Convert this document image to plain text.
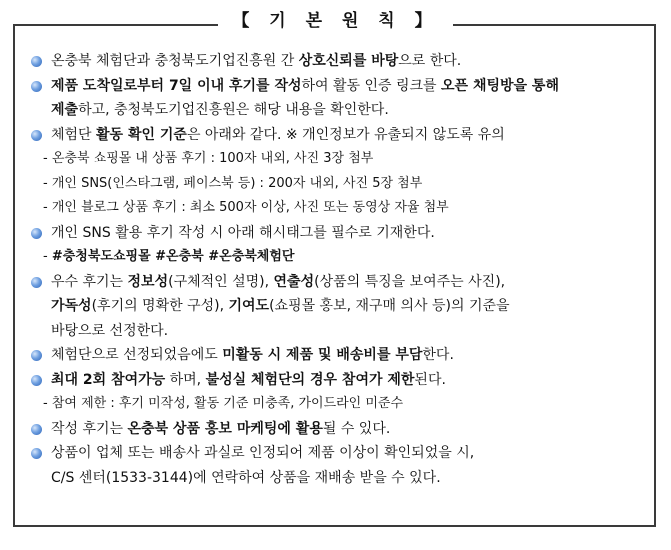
【 기 본 원 칙 】
온충북 체험단과 충청북도기업진흥원 간 상호신뢰를 바탕으로 한다.
제품 도착일로부터 7일 이내 후기를 작성하여 활동 인증 링크를 오픈 채팅방을 통해
제출하고, 충청북도기업진흥원은 해당 내용을 확인한다.
체험단 활동 확인 기준은 아래와 같다. ※ 개인정보가 유출되지 않도록 유의
- 온충북 쇼핑몰 내 상품 후기 : 100자 내외, 사진 3장 첨부
- 개인 SNS(인스타그램, 페이스북 등) : 200자 내외, 사진 5장 첨부
- 개인 블로그 상품 후기 : 최소 500자 이상, 사진 또는 동영상 자율 첨부
개인 SNS 활용 후기 작성 시 아래 해시태그를 필수로 기재한다.
- #충청북도쇼핑몰 #온충북 #온충북체험단
우수 후기는 정보성(구체적인 설명), 연출성(상품의 특징을 보여주는 사진),
가독성(후기의 명확한 구성), 기여도(쇼핑몰 홍보, 재구매 의사 등)의 기준을
바탕으로 선정한다.
체험단으로 선정되었음에도 미활동 시 제품 및 배송비를 부담한다.
최대 2회 참여가능 하며, 불성실 체험단의 경우 참여가 제한된다.
- 참여 제한 : 후기 미작성, 활동 기준 미충족, 가이드라인 미준수
작성 후기는 온충북 상품 홍보 마케팅에 활용될 수 있다.
상품이 업체 또는 배송사 과실로 인정되어 제품 이상이 확인되었을 시,
C/S 센터(1533-3144)에 연락하여 상품을 재배송 받을 수 있다.
